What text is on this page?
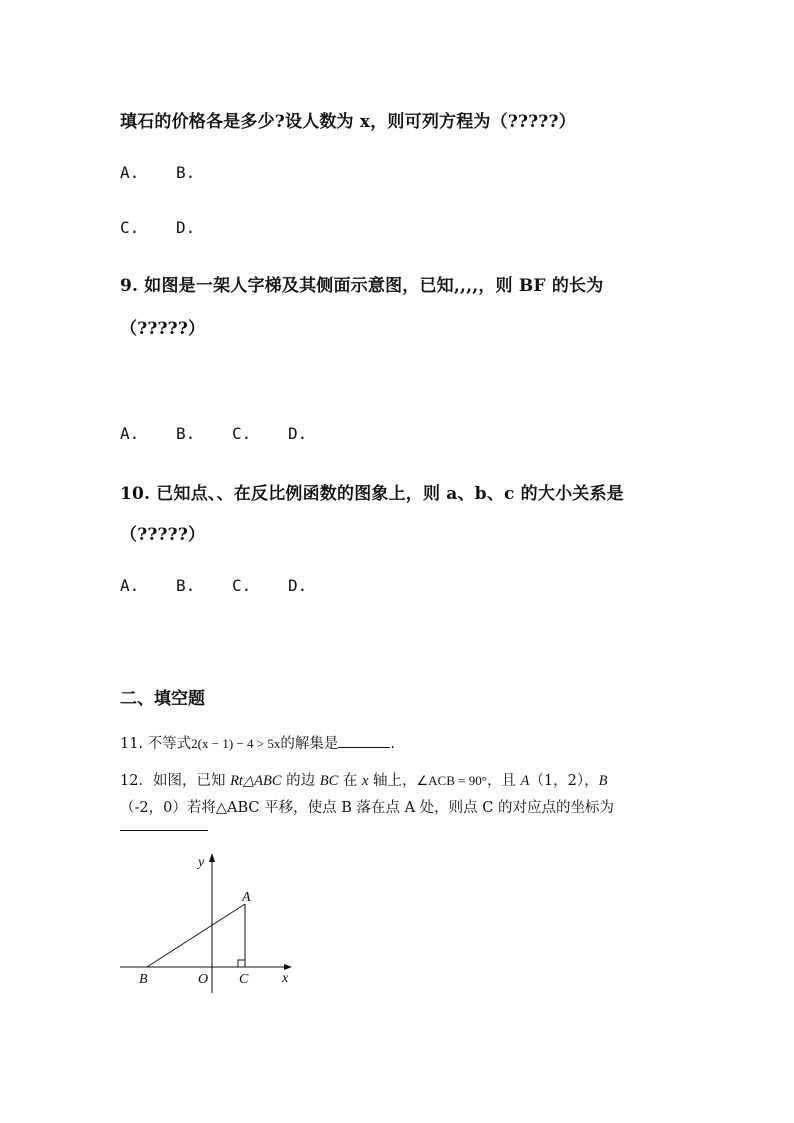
瑱石的价格各是多少?设人数为 x，则可列方程为（?????）
A. B.
C. D.
9. 如图是一架人字梯及其侧面示意图，已知,,,,，则 BF 的长为
（?????）
A. B. C. D.
10. 已知点、、在反比例函数的图象上，则 a、b、c 的大小关系是
（?????）
A. B. C. D.
二、填空题
11. 不等式2(x − 1) − 4 > 5x的解集是	.
12．如图，已知 Rt△ABC 的边 BC 在 x 轴上，∠ACB = 90°，且 A（1，2），B
（-2，0）若将△ABC 平移，使点 B 落在点 A 处，则点 C 的对应点的坐标为
y
x
A
B	O C
